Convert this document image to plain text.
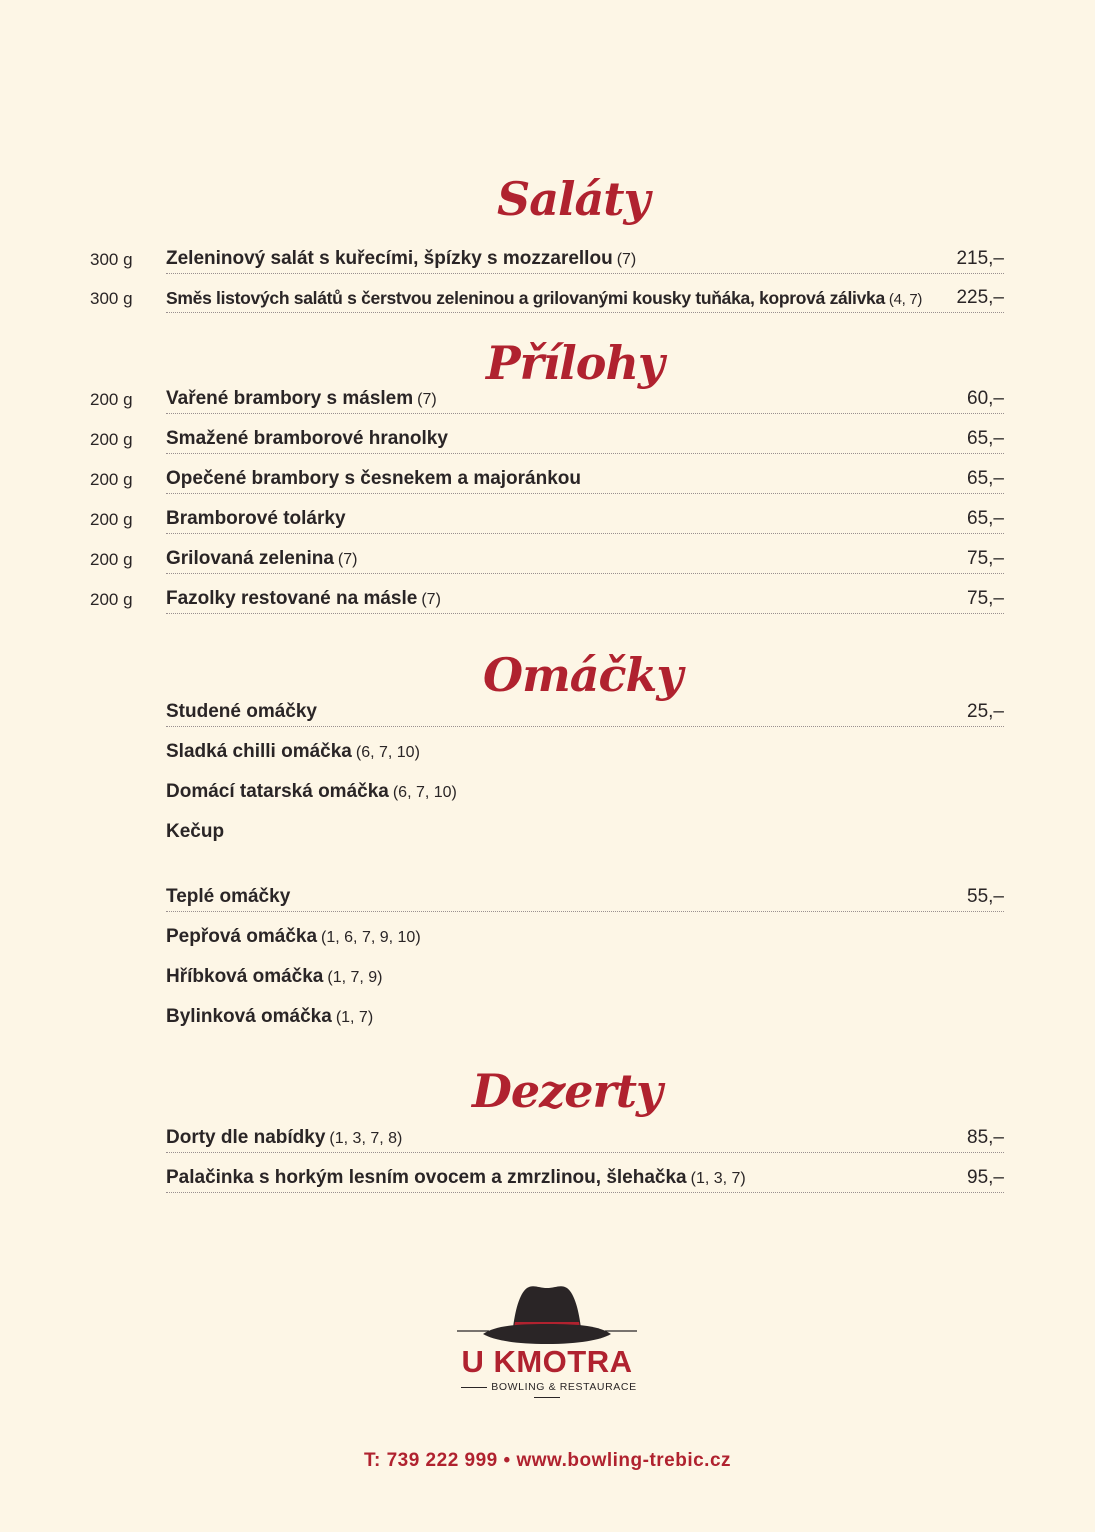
Saláty
300 g Zeleninový salát s kuřecími, špízky s mozzarellou (7)	215,–
300 g Směs listových salátů s čerstvou zeleninou a grilovanými kousky tuňáka, koprová zálivka (4, 7) 225,–
Přílohy
200 g Vařené brambory s máslem (7)	60,–
200 g Smažené bramborové hranolky	65,–
200 g Opečené brambory s česnekem a majoránkou	65,–
200 g Bramborové tolárky	65,–
200 g Grilovaná zelenina (7)	75,–
200 g Fazolky restované na másle (7)	75,–
Omáčky
Studené omáčky	25,–
Sladká chilli omáčka (6, 7, 10)
Domácí tatarská omáčka (6, 7, 10)
Kečup
Teplé omáčky	55,–
Pepřová omáčka (1, 6, 7, 9, 10)
Hříbková omáčka (1, 7, 9)
Bylinková omáčka (1, 7)
Dezerty
Dorty dle nabídky (1, 3, 7, 8)	85,–
Palačinka s horkým lesním ovocem a zmrzlinou, šlehačka (1, 3, 7)	95,–
U KMOTRA
BOWLING & RESTAURACE
T: 739 222 999 • www.bowling-trebic.cz
